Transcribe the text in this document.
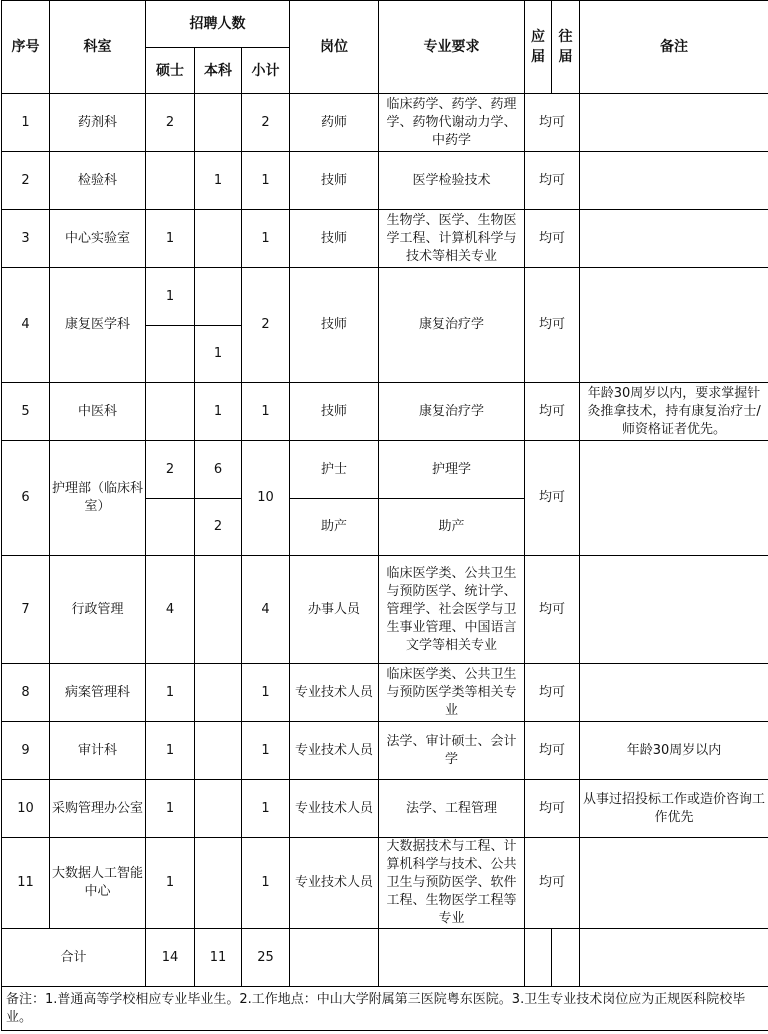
序号	科室	招聘人数			岗位	专业要求	应届	往届	备注
		硕士	本科	小计					
1	药剂科	2		2	药师	临床药学、药学、药理学、药物代谢动力学、中药学	均可		
2	检验科		1	1	技师	医学检验技术	均可		
3	中心实验室	1		1	技师	生物学、医学、生物医学工程、计算机科学与技术等相关专业	均可		
4	康复医学科	1		2	技师	康复治疗学	均可		
			1						
5	中医科		1	1	技师	康复治疗学	均可		年龄30周岁以内，要求掌握针灸推拿技术，持有康复治疗士/师资格证者优先。
6	护理部（临床科室）	2	6	10	护士	护理学	均可		
			2		助产	助产			
7	行政管理	4		4	办事人员	临床医学类、公共卫生与预防医学、统计学、管理学、社会医学与卫生事业管理、中国语言文学等相关专业	均可		
8	病案管理科	1		1	专业技术人员	临床医学类、公共卫生与预防医学类等相关专业	均可		
9	审计科	1		1	专业技术人员	法学、审计硕士、会计学	均可		年龄30周岁以内
10	采购管理办公室	1		1	专业技术人员	法学、工程管理	均可		从事过招投标工作或造价咨询工作优先
11	大数据人工智能中心	1		1	专业技术人员	大数据技术与工程、计算机科学与技术、公共卫生与预防医学、软件工程、生物医学工程等专业	均可		
合计		14	11	25					
备注：1.普通高等学校相应专业毕业生。2.工作地点：中山大学附属第三医院粤东医院。3.卫生专业技术岗位应为正规医科院校毕业。									
